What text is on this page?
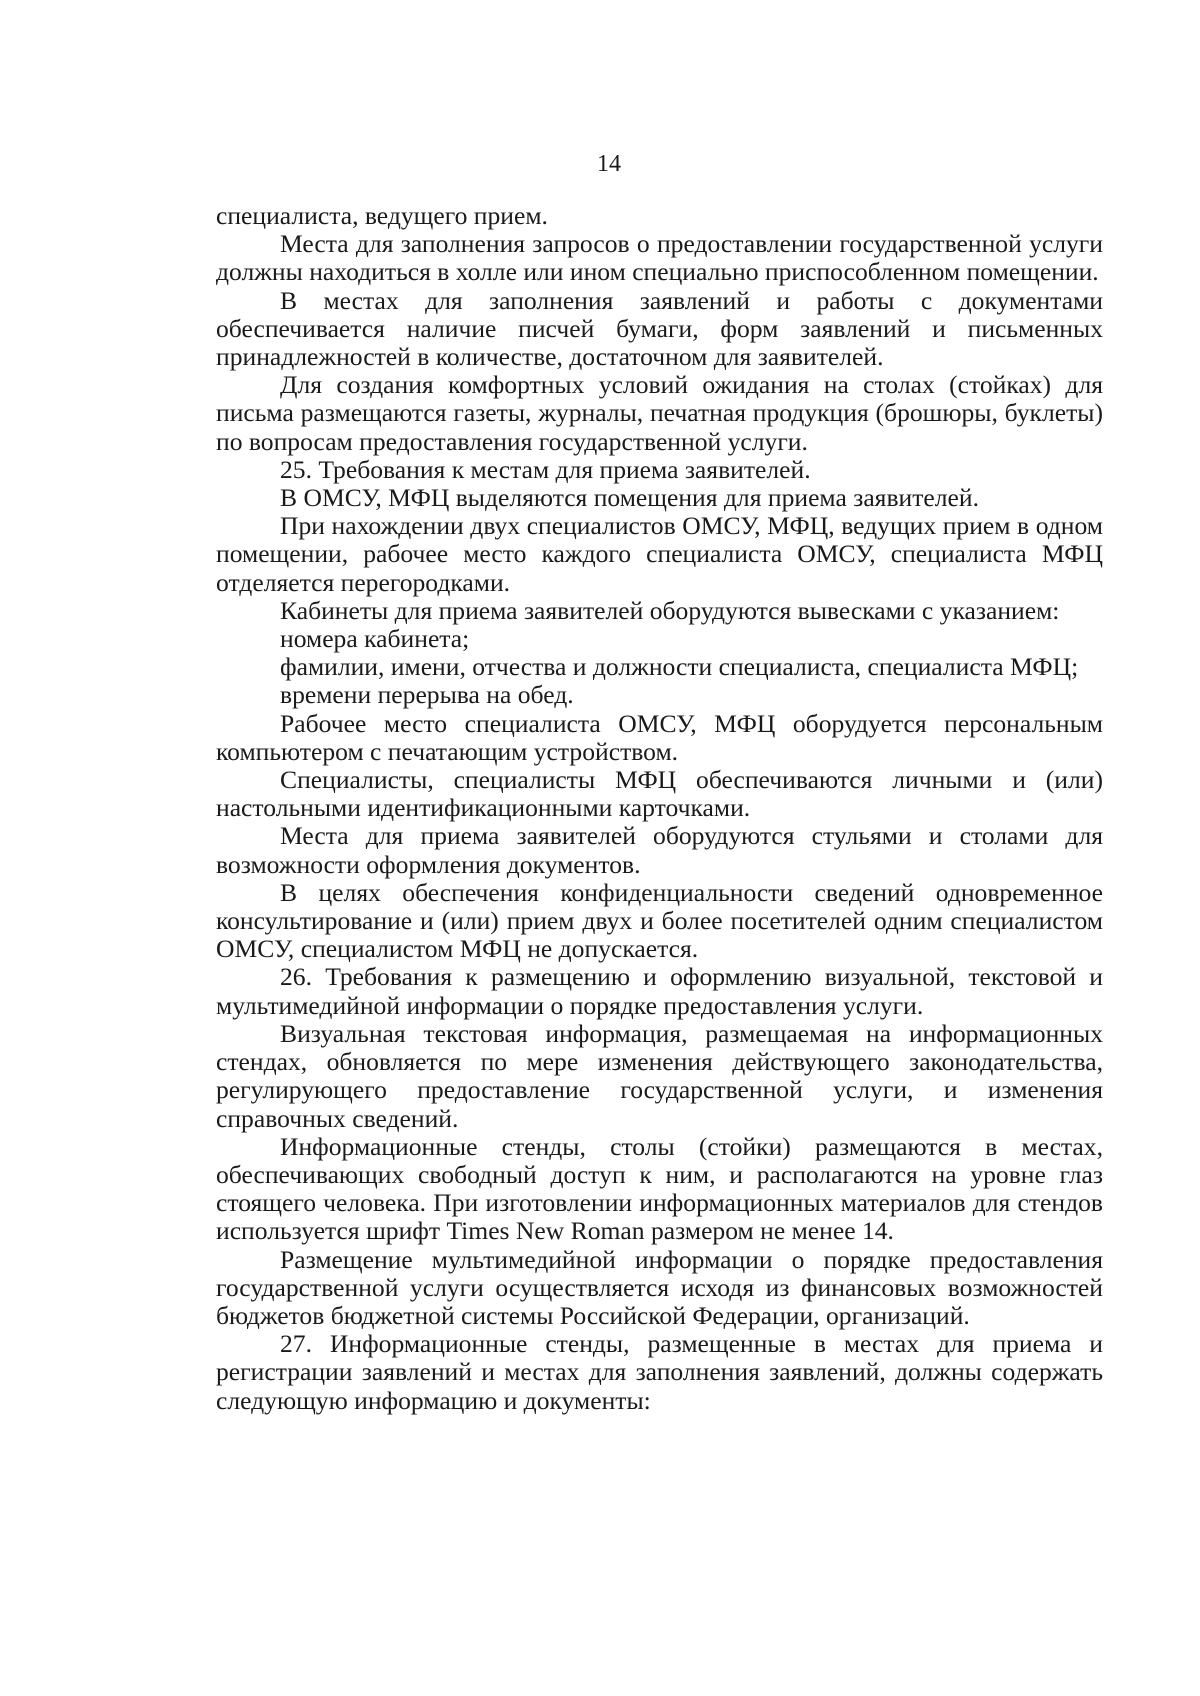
14

специалиста, ведущего прием.

Места для заполнения запросов о предоставлении государственной услуги должны находиться в холле или ином специально приспособленном помещении.

В местах для заполнения заявлений и работы с документами обеспечивается наличие писчей бумаги, форм заявлений и письменных принадлежностей в количестве, достаточном для заявителей.

Для создания комфортных условий ожидания на столах (стойках) для письма размещаются газеты, журналы, печатная продукция (брошюры, буклеты) по вопросам предоставления государственной услуги.

25. Требования к местам для приема заявителей.

В ОМСУ, МФЦ выделяются помещения для приема заявителей.

При нахождении двух специалистов ОМСУ, МФЦ, ведущих прием в одном помещении, рабочее место каждого специалиста ОМСУ, специалиста МФЦ отделяется перегородками.

Кабинеты для приема заявителей оборудуются вывесками с указанием:

номера кабинета;

фамилии, имени, отчества и должности специалиста, специалиста МФЦ;

времени перерыва на обед.

Рабочее место специалиста ОМСУ, МФЦ оборудуется персональным компьютером с печатающим устройством.

Специалисты, специалисты МФЦ обеспечиваются личными и (или) настольными идентификационными карточками.

Места для приема заявителей оборудуются стульями и столами для возможности оформления документов.

В целях обеспечения конфиденциальности сведений одновременное консультирование и (или) прием двух и более посетителей одним специалистом ОМСУ, специалистом МФЦ не допускается.

26. Требования к размещению и оформлению визуальной, текстовой и мультимедийной информации о порядке предоставления услуги.

Визуальная текстовая информация, размещаемая на информационных стендах, обновляется по мере изменения действующего законодательства, регулирующего предоставление государственной услуги, и изменения справочных сведений.

Информационные стенды, столы (стойки) размещаются в местах, обеспечивающих свободный доступ к ним, и располагаются на уровне глаз стоящего человека. При изготовлении информационных материалов для стендов используется шрифт Times New Roman размером не менее 14.

Размещение мультимедийной информации о порядке предоставления государственной услуги осуществляется исходя из финансовых возможностей бюджетов бюджетной системы Российской Федерации, организаций.

27. Информационные стенды, размещенные в местах для приема и регистрации заявлений и местах для заполнения заявлений, должны содержать следующую информацию и документы:
